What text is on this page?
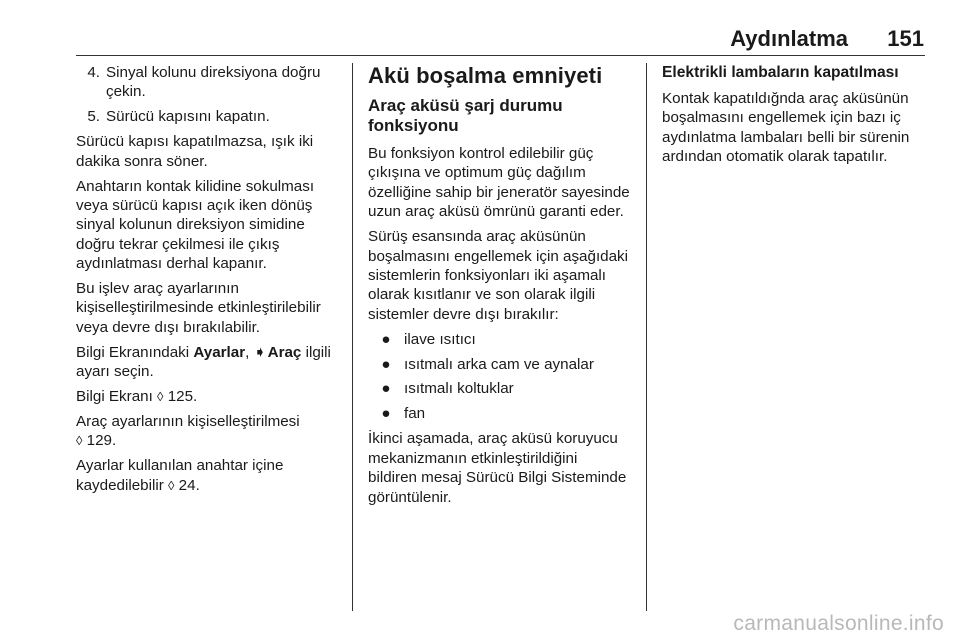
Aydınlatma 151
4. Sinyal kolunu direksiyona doğru çekin.
5. Sürücü kapısını kapatın.

Sürücü kapısı kapatılmazsa, ışık iki dakika sonra söner.

Anahtarın kontak kilidine sokulması veya sürücü kapısı açık iken dönüş sinyal kolunun direksiyon simidine doğru tekrar çekilmesi ile çıkış aydınlatması derhal kapanır.

Bu işlev araç ayarlarının kişiselleştirilmesinde etkinleştirilebilir veya devre dışı bırakılabilir.

Bilgi Ekranındaki Ayarlar, ➧ Araç ilgili ayarı seçin.

Bilgi Ekranı ◊ 125.

Araç ayarlarının kişiselleştirilmesi
◊ 129.

Ayarlar kullanılan anahtar içine kaydedilebilir ◊ 24.

Akü boşalma emniyeti
Araç aküsü şarj durumu fonksiyonu

Bu fonksiyon kontrol edilebilir güç çıkışına ve optimum güç dağılım özelliğine sahip bir jeneratör sayesinde uzun araç aküsü ömrünü garanti eder.

Sürüş esansında araç aküsünün boşalmasını engellemek için aşağıdaki sistemlerin fonksiyonları iki aşamalı olarak kısıtlanır ve son olarak ilgili sistemler devre dışı bırakılır:

● ilave ısıtıcı
● ısıtmalı arka cam ve aynalar
● ısıtmalı koltuklar
● fan

İkinci aşamada, araç aküsü koruyucu mekanizmanın etkinleştirildiğini bildiren mesaj Sürücü Bilgi Sisteminde görüntülenir.

Elektrikli lambaların kapatılması

Kontak kapatıldığnda araç aküsünün boşalmasını engellemek için bazı iç aydınlatma lambaları belli bir sürenin ardından otomatik olarak tapatılır.

carmanualsonline.info
